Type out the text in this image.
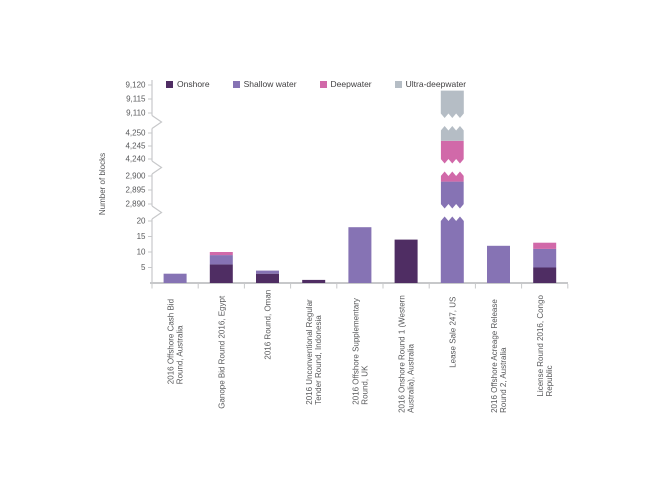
Onshore	Shallow water	Deepwater	Ultra-deepwater
5
10
15
20
2,890
2,895
2,900
4,240
4,245
4,250
9,110
9,115
9,120
Number of blocks
2016 Offshore Cash Bid Round, Australia	Ganope Bid Round 2016, Egypt	2016 Round, Oman	2016 Unconventional Regular Tender Round, Indonesia	2016 Offshore Supplementary Round, UK	2016 Onshore Round 1 (Western Australia), Australia
Lease Sale 247, US	2016 Offshore Acreage Release Round 2, Australia	License Round 2016, Congo Republic
